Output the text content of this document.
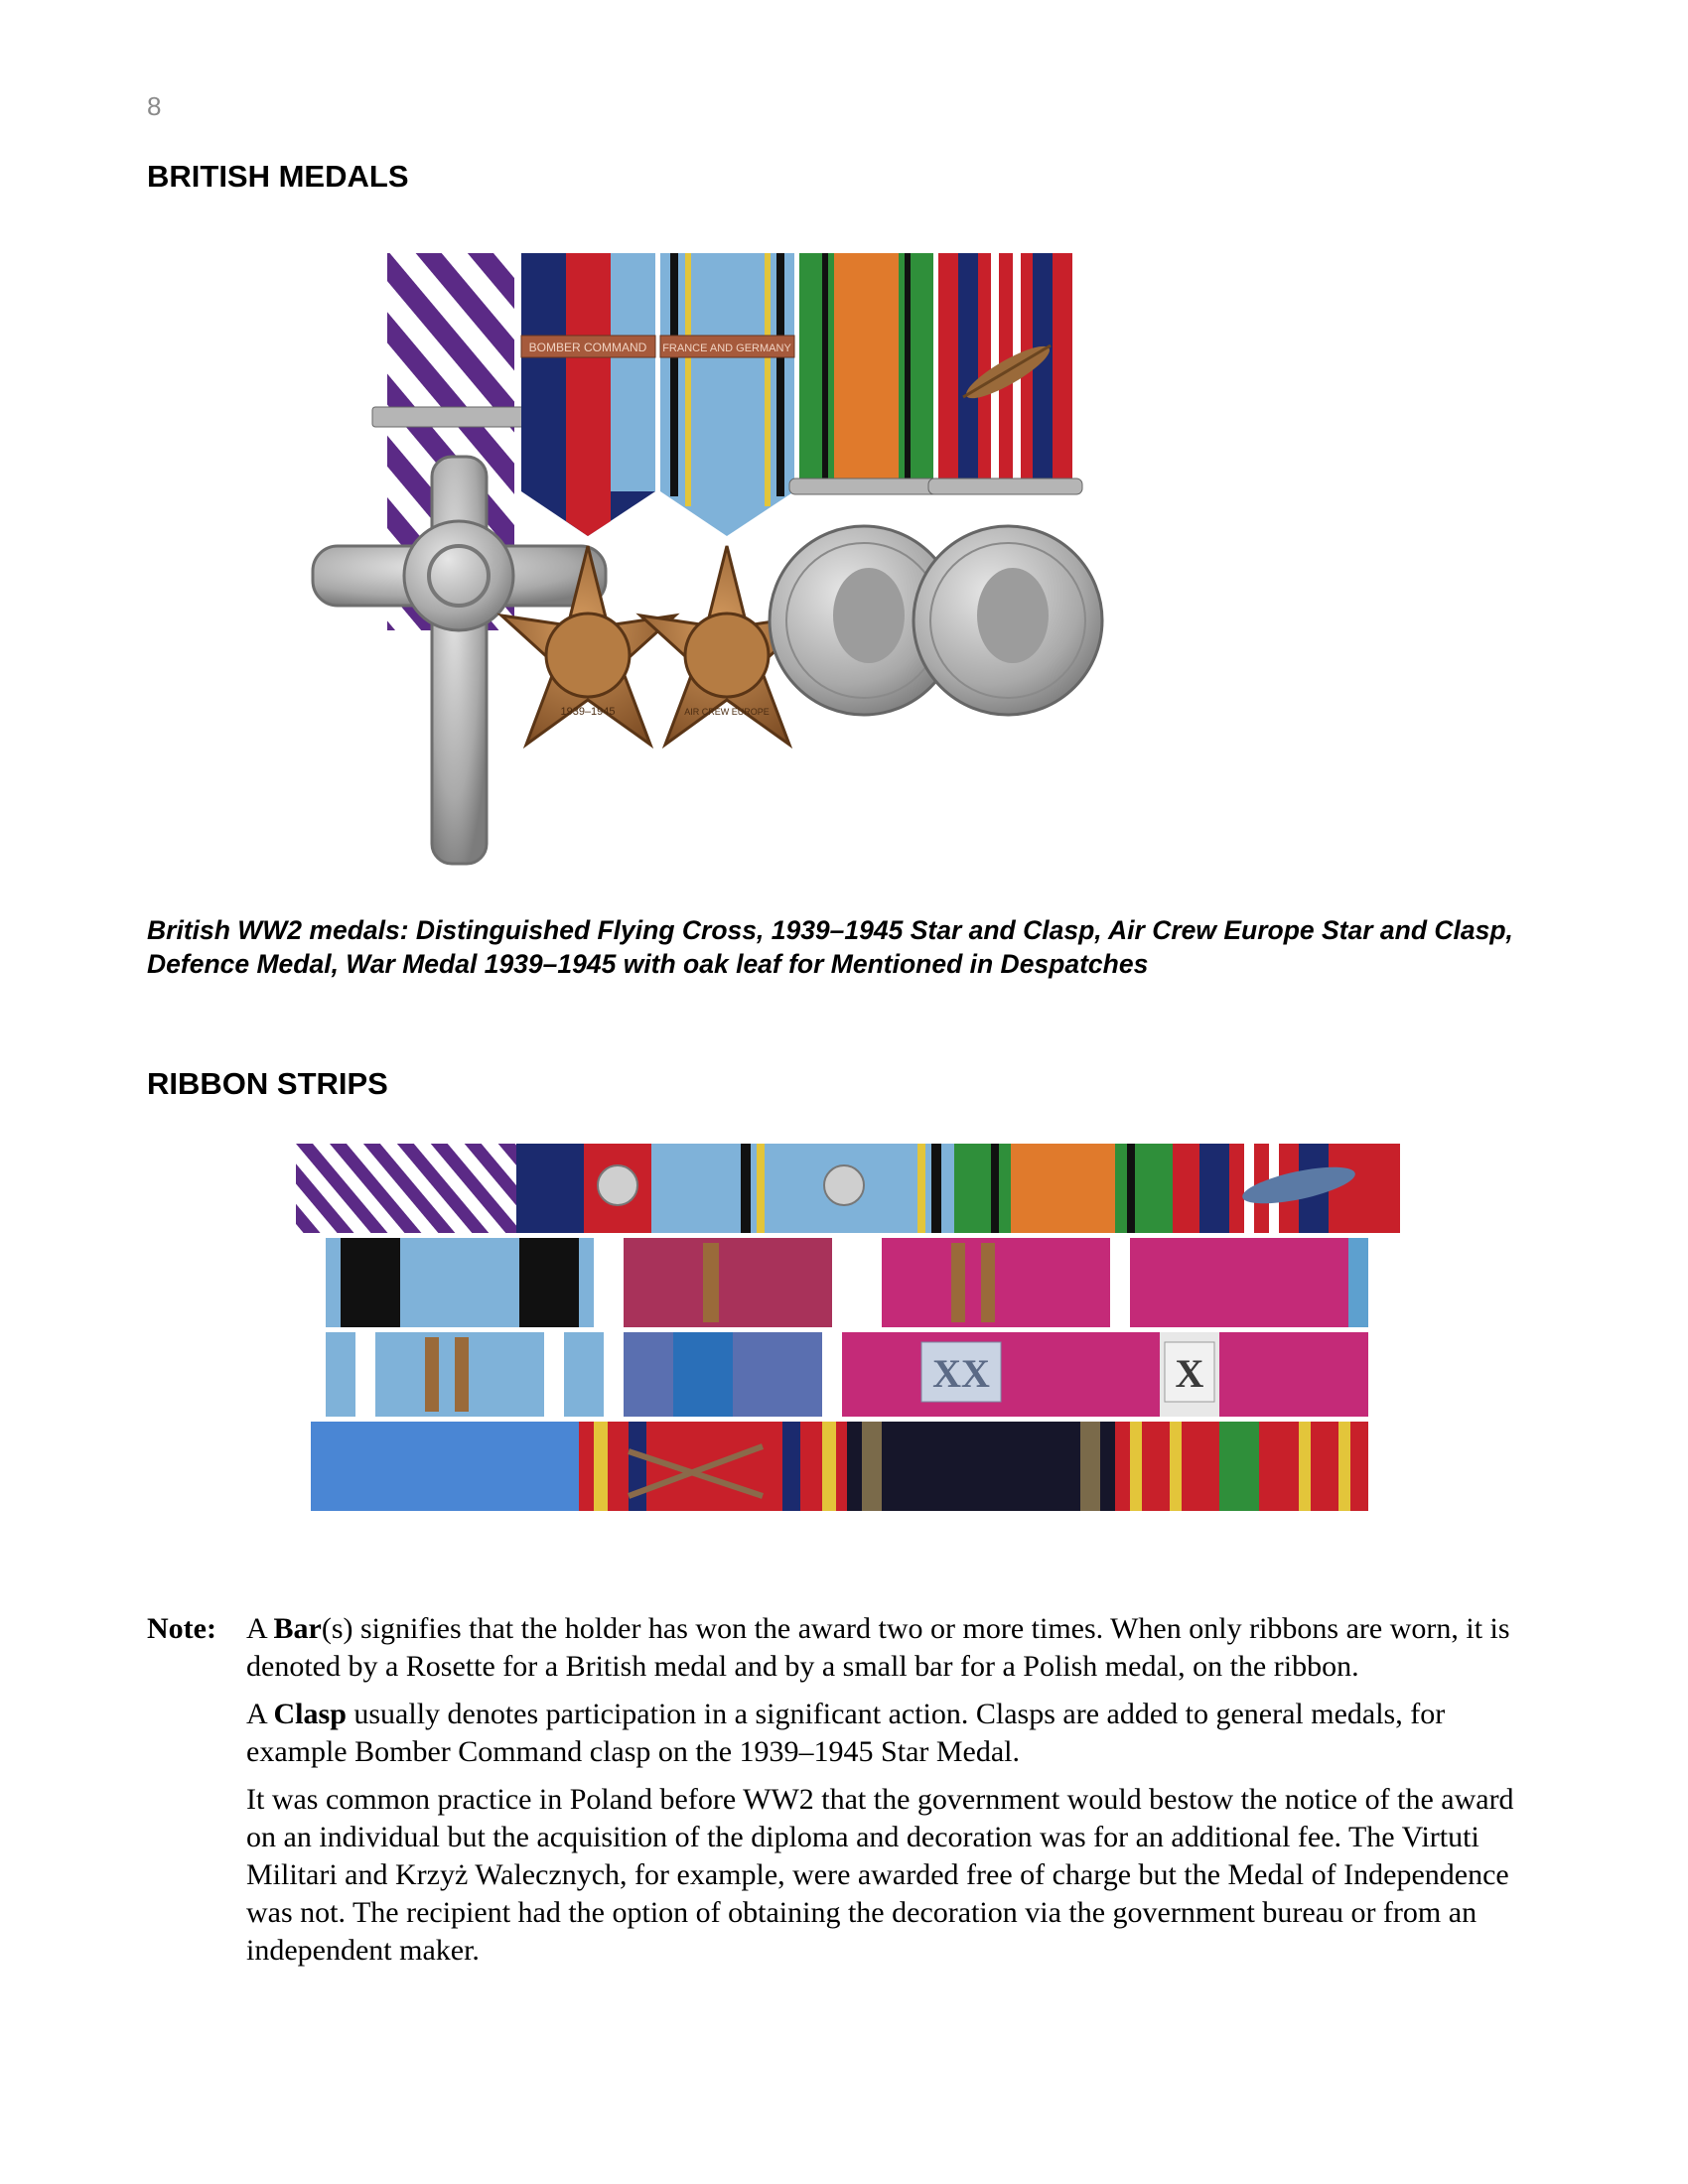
8
BRITISH MEDALS
BOMBER COMMAND
1939–1945
FRANCE AND GERMANY
AIR CREW EUROPE

British WW2 medals: Distinguished Flying Cross, 1939–1945 Star and Clasp, Air Crew Europe Star and Clasp, Defence Medal, War Medal 1939–1945 with oak leaf for Mentioned in Despatches

RIBBON STRIPS
XX	X
Note: A Bar(s) signifies that the holder has won the award two or more times. When only ribbons are worn, it is denoted by a Rosette for a British medal and by a small bar for a Polish medal, on the ribbon.

A Clasp usually denotes participation in a significant action. Clasps are added to general medals, for example Bomber Command clasp on the 1939–1945 Star Medal.

It was common practice in Poland before WW2 that the government would bestow the notice of the award on an individual but the acquisition of the diploma and decoration was for an additional fee. The Virtuti Militari and Krzyż Walecznych, for example, were awarded free of charge but the Medal of Independence was not. The recipient had the option of obtaining the decoration via the government bureau or from an independent maker.
